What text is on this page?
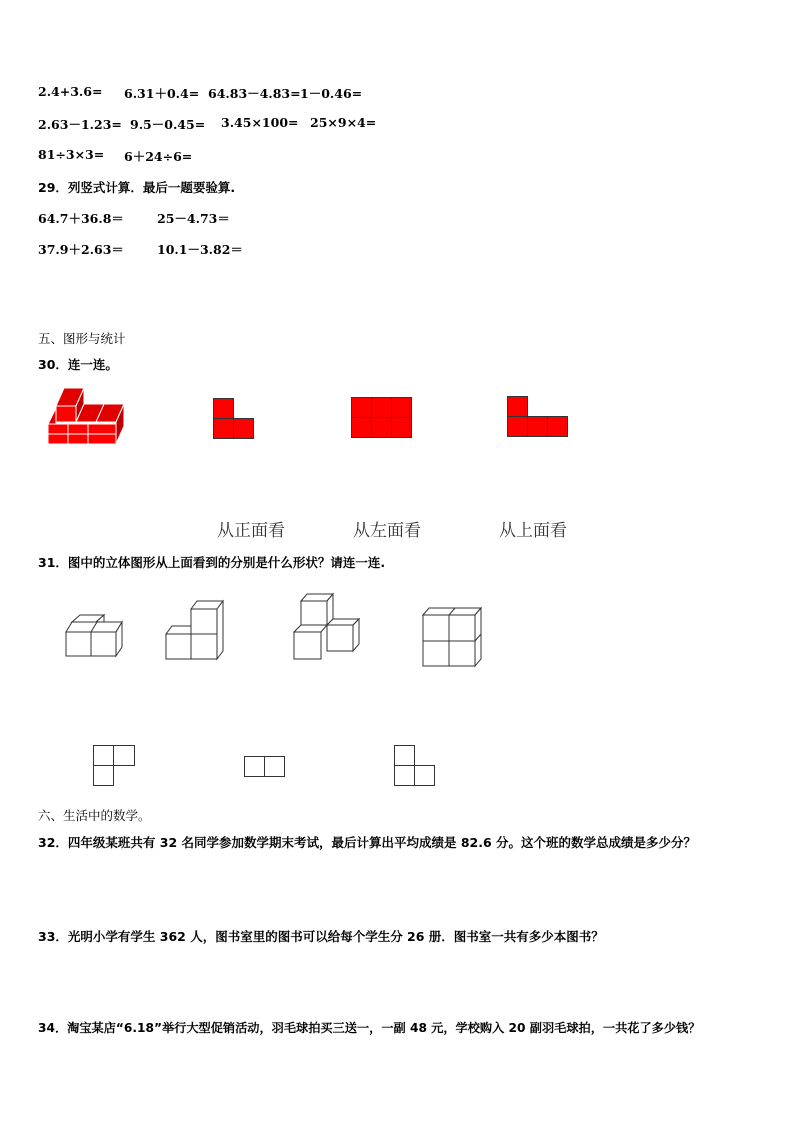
2.4+3.6= 6.31＋0.4= 64.83－4.83= 1－0.46=
2.63－1.23= 9.5－0.45= 3.45×100= 25×9×4=
81÷3×3= 6＋24÷6=
29．列竖式计算．最后一题要验算.
64.7＋36.8＝	25－4.73＝
37.9＋2.63＝	10.1－3.82＝
五、图形与统计
30．连一连。
从正面看	从左面看	从上面看
31．图中的立体图形从上面看到的分别是什么形状？请连一连.
六、生活中的数学。
32．四年级某班共有 32 名同学参加数学期末考试，最后计算出平均成绩是 82.6 分。这个班的数学总成绩是多少分？
33．光明小学有学生 362 人，图书室里的图书可以给每个学生分 26 册．图书室一共有多少本图书？
34．淘宝某店“6.18”举行大型促销活动，羽毛球拍买三送一，一副 48 元，学校购入 20 副羽毛球拍，一共花了多少钱？
